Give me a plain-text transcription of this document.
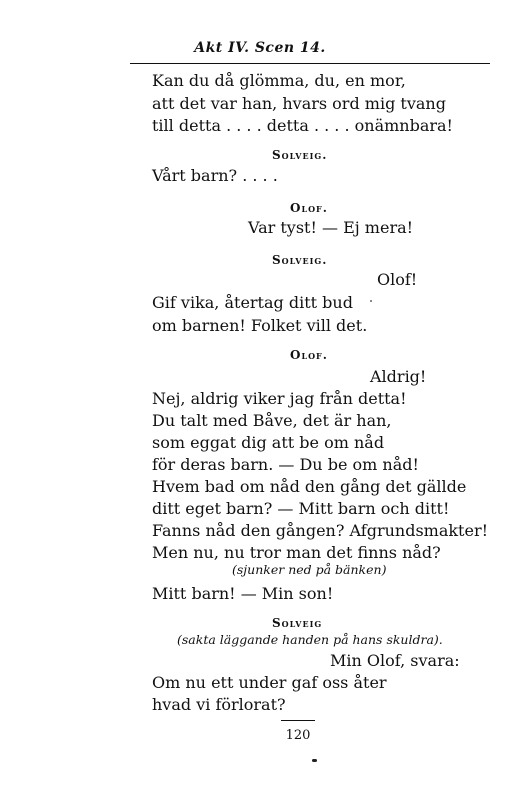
Akt IV. Scen 14.
Kan du då glömma, du, en mor,
att det var han, hvars ord mig tvang
till detta . . . . detta . . . . onämnbara!
Solveig.
Vårt barn? . . . .
Olof.
Var tyst! — Ej mera!
Solveig.
Olof!
Gif vika, återtag ditt bud
om barnen! Folket vill det.
Olof.
Aldrig!
Nej, aldrig viker jag från detta!
Du talt med Båve, det är han,
som eggat dig att be om nåd
för deras barn. — Du be om nåd!
Hvem bad om nåd den gång det gällde
ditt eget barn? — Mitt barn och ditt!
Fanns nåd den gången? Afgrundsmakter!
Men nu, nu tror man det finns nåd?
(sjunker ned på bänken)
Mitt barn! — Min son!
Solveig
(sakta läggande handen på hans skuldra).
Min Olof, svara:
Om nu ett under gaf oss åter
hvad vi förlorat?
120
